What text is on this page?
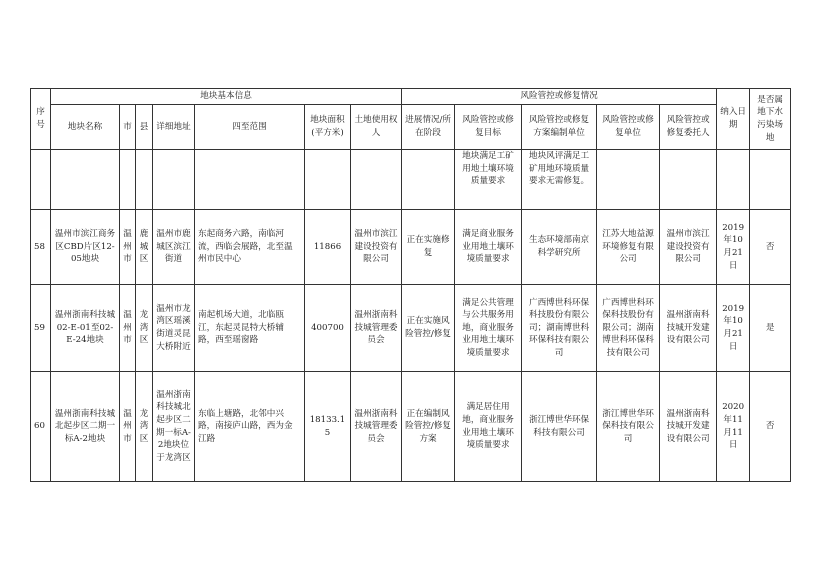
序号	地块基本信息							风险管控或修复情况					纳入日期	是否属地下水污染场地
	地块名称	市	县	详细地址	四至范围	地块面积(平方米)	土地使用权人	进展情况/所在阶段	风险管控或修复目标	风险管控或修复方案编制单位	风险管控或修复单位	风险管控或修复委托人		
									地块满足工矿用地土壤环境质量要求	地块风评满足工矿用地环境质量要求无需修复。				
58	温州市滨江商务区CBD片区12-05地块	温州市	鹿城区	温州市鹿城区滨江街道	东起商务六路，南临河流，西临会展路，北至温州市民中心	11866	温州市滨江建设投资有限公司	正在实施修复	满足商业服务业用地土壤环境质量要求	生态环境部南京科学研究所	江苏大地益源环境修复有限公司	温州市滨江建设投资有限公司	2019年10月21日	否
59	温州浙南科技城02-E-01至02-E-24地块	温州市	龙湾区	温州市龙湾区瑶溪街道灵昆大桥附近	南起机场大道，北临瓯江，东起灵昆特大桥辅路，西至瑶窗路	400700	温州浙南科技城管理委员会	正在实施风险管控/修复	满足公共管理与公共服务用地，商业服务业用地土壤环境质量要求	广西博世科环保科技股份有限公司；湖南博世科环保科技有限公司	广西博世科环保科技股份有限公司；湖南博世科环保科技有限公司	温州浙南科技城开发建设有限公司	2019年10月21日	是
60	温州浙南科技城北起步区二期一标A-2地块	温州市	龙湾区	温州浙南科技城北起步区二期一标A-2地块位于龙湾区	东临上塘路，北邻中兴路，南接庐山路，西为金江路	18133.15	温州浙南科技城管理委员会	正在编制风险管控/修复方案	满足居住用地，商业服务业用地土壤环境质量要求	浙江博世华环保科技有限公司	浙江博世华环保科技有限公司	温州浙南科技城开发建设有限公司	2020年11月11日	否
